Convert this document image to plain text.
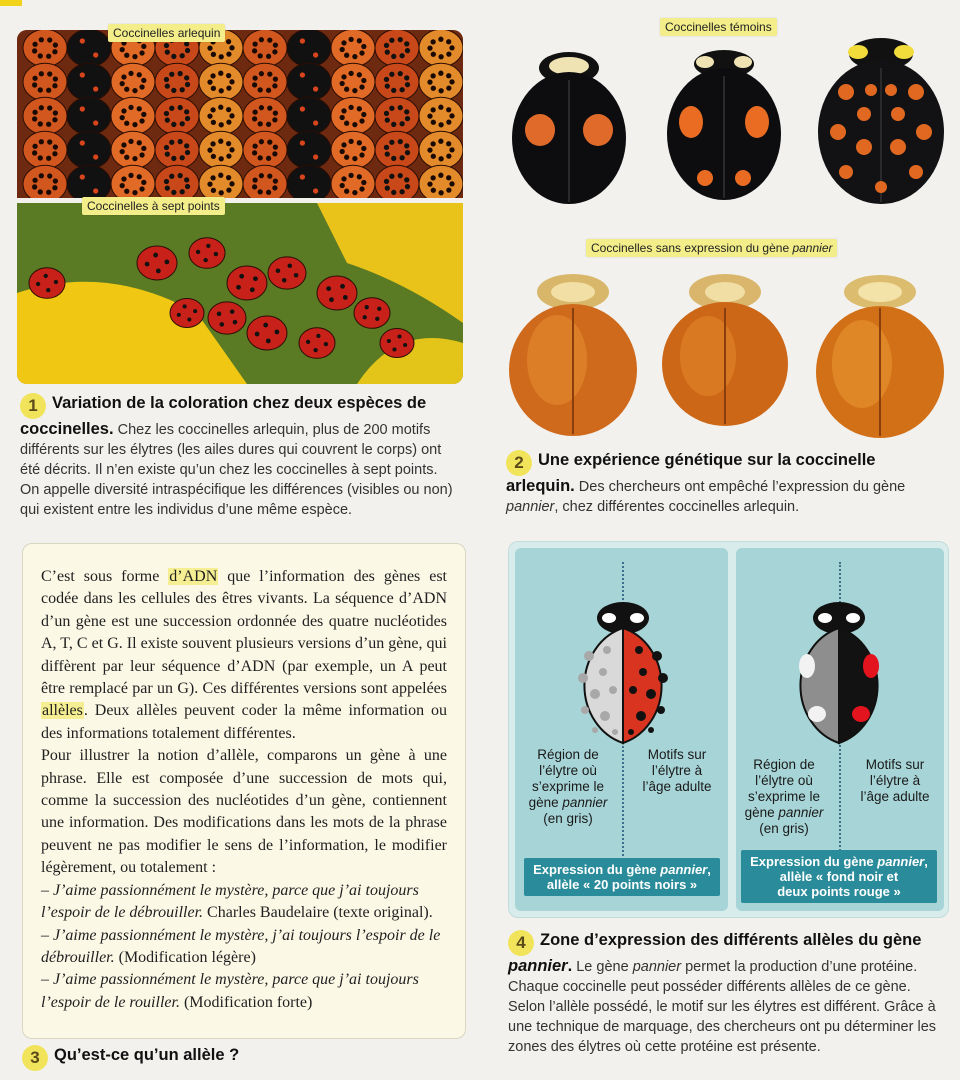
Coccinelles arlequin
Coccinelles à sept points
1 Variation de la coloration chez deux espèces de coccinelles. Chez les coccinelles arlequin, plus de 200 motifs différents sur les élytres (les ailes dures qui couvrent le corps) ont été décrits. Il n’en existe qu’un chez les coccinelles à sept points. On appelle diversité intraspécifique les différences (visibles ou non) qui existent entre les individus d’une même espèce.
Coccinelles témoins
Coccinelles sans expression du gène pannier
2 Une expérience génétique sur la coccinelle arlequin. Des chercheurs ont empêché l’expression du gène pannier, chez différentes coccinelles arlequin.

C’est sous forme d’ADN que l’information des gènes est codée dans les cellules des êtres vivants. La séquence d’ADN d’un gène est une succession ordonnée des quatre nucléotides A, T, C et G. Il existe souvent plusieurs versions d’un gène, qui diffèrent par leur séquence d’ADN (par exemple, un A peut être remplacé par un G). Ces différentes versions sont appelées allèles. Deux allèles peuvent coder la même information ou des informations totalement différentes.

Pour illustrer la notion d’allèle, comparons un gène à une phrase. Elle est composée d’une succession de mots qui, comme la succession des nucléotides d’un gène, contiennent une information. Des modifications dans les mots de la phrase peuvent ne pas modifier le sens de l’information, le modifier légèrement, ou totalement :

– J’aime passionnément le mystère, parce que j’ai toujours l’espoir de le débrouiller. Charles Baudelaire (texte original).

– J’aime passionnément le mystère, j’ai toujours l’espoir de le débrouiller. (Modification légère)

– J’aime passionnément le mystère, parce que j’ai toujours l’espoir de le rouiller. (Modification forte)

3 Qu’est-ce qu’un allèle ?
Région de
l’élytre où
s’exprime le
gène pannier
(en gris)
Motifs sur
l’élytre à
l’âge adulte
Expression du gène pannier,
allèle « 20 points noirs »
Région de
l’élytre où
s’exprime le
gène pannier
(en gris)
Motifs sur
l’élytre à
l’âge adulte
Expression du gène pannier,
allèle « fond noir et
deux points rouge »
4 Zone d’expression des différents allèles du gène pannier. Le gène pannier permet la production d’une protéine. Chaque coccinelle peut posséder différents allèles de ce gène. Selon l’allèle possédé, le motif sur les élytres est différent. Grâce à une technique de marquage, des chercheurs ont pu déterminer les zones des élytres où cette protéine est présente.
